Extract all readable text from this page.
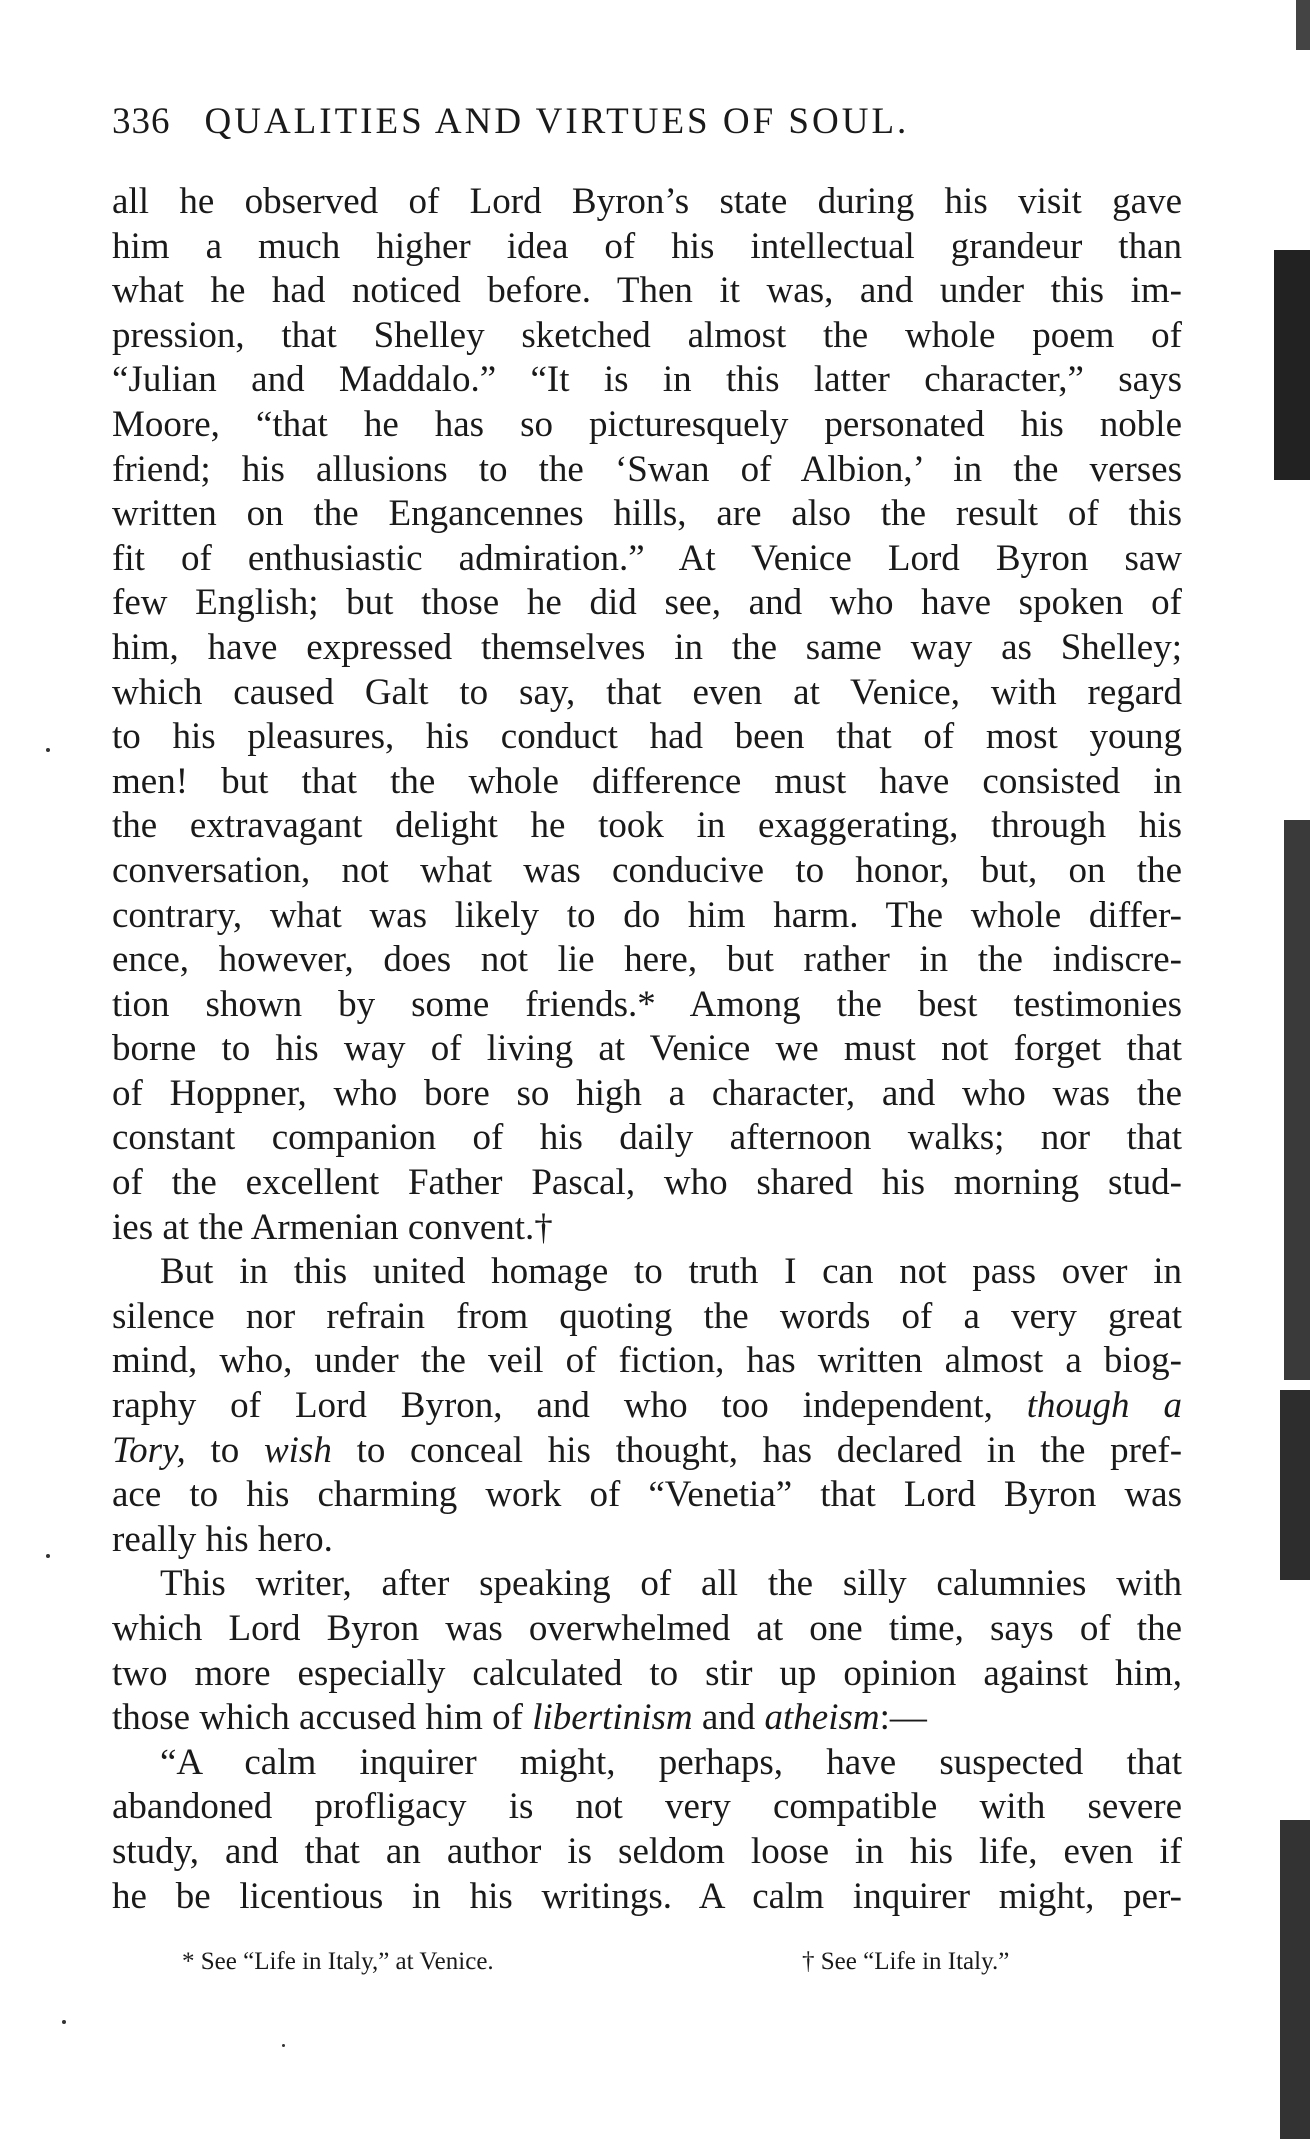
336 QUALITIES AND VIRTUES OF SOUL.
all he observed of Lord Byron’s state during his visit gave
him a much higher idea of his intellectual grandeur than
what he had noticed before. Then it was, and under this im-
pression, that Shelley sketched almost the whole poem of
“Julian and Maddalo.” “It is in this latter character,” says
Moore, “that he has so picturesquely personated his noble
friend; his allusions to the ‘Swan of Albion,’ in the verses
written on the Engancennes hills, are also the result of this
fit of enthusiastic admiration.” At Venice Lord Byron saw
few English; but those he did see, and who have spoken of
him, have expressed themselves in the same way as Shelley;
which caused Galt to say, that even at Venice, with regard
to his pleasures, his conduct had been that of most young
men! but that the whole difference must have consisted in
the extravagant delight he took in exaggerating, through his
conversation, not what was conducive to honor, but, on the
contrary, what was likely to do him harm. The whole differ-
ence, however, does not lie here, but rather in the indiscre-
tion shown by some friends.* Among the best testimonies
borne to his way of living at Venice we must not forget that
of Hoppner, who bore so high a character, and who was the
constant companion of his daily afternoon walks; nor that
of the excellent Father Pascal, who shared his morning stud-
ies at the Armenian convent.†
But in this united homage to truth I can not pass over in
silence nor refrain from quoting the words of a very great
mind, who, under the veil of fiction, has written almost a biog-
raphy of Lord Byron, and who too independent, though a
Tory, to wish to conceal his thought, has declared in the pref-
ace to his charming work of “Venetia” that Lord Byron was
really his hero.
This writer, after speaking of all the silly calumnies with
which Lord Byron was overwhelmed at one time, says of the
two more especially calculated to stir up opinion against him,
those which accused him of libertinism and atheism:—
“A calm inquirer might, perhaps, have suspected that
abandoned profligacy is not very compatible with severe
study, and that an author is seldom loose in his life, even if
he be licentious in his writings. A calm inquirer might, per-
* See “Life in Italy,” at Venice.	† See “Life in Italy.”
